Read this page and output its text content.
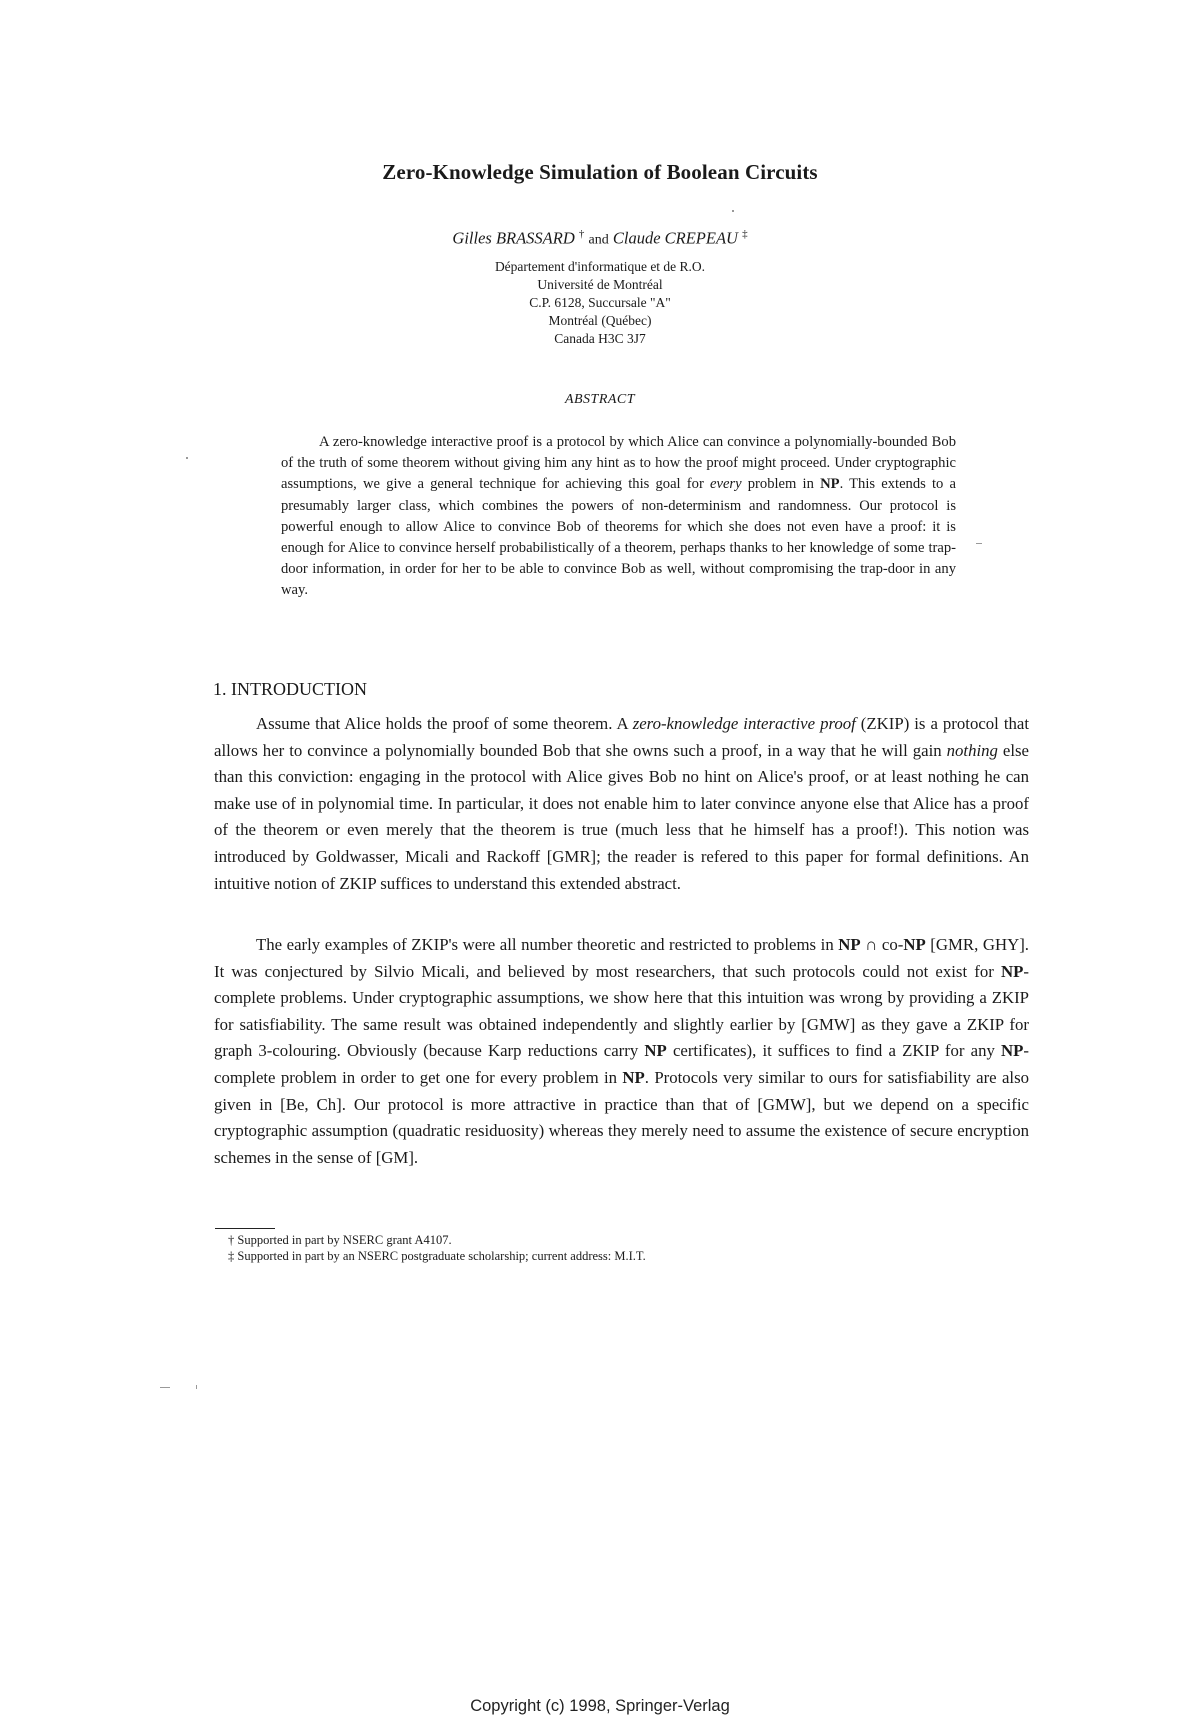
Zero-Knowledge Simulation of Boolean Circuits
Gilles BRASSARD † and Claude CREPEAU ‡
Département d'informatique et de R.O.
Université de Montréal
C.P. 6128, Succursale "A"
Montréal (Québec)
Canada H3C 3J7
ABSTRACT
A zero-knowledge interactive proof is a protocol by which Alice can convince a polynomially-bounded Bob of the truth of some theorem without giving him any hint as to how the proof might proceed. Under cryptographic assumptions, we give a general technique for achieving this goal for every problem in NP. This extends to a presumably larger class, which combines the powers of non-determinism and randomness. Our protocol is powerful enough to allow Alice to convince Bob of theorems for which she does not even have a proof: it is enough for Alice to convince herself probabilistically of a theorem, perhaps thanks to her knowledge of some trap-door information, in order for her to be able to convince Bob as well, without compromising the trap-door in any way.
1. INTRODUCTION
Assume that Alice holds the proof of some theorem. A zero-knowledge interactive proof (ZKIP) is a protocol that allows her to convince a polynomially bounded Bob that she owns such a proof, in a way that he will gain nothing else than this conviction: engaging in the protocol with Alice gives Bob no hint on Alice's proof, or at least nothing he can make use of in polynomial time. In particular, it does not enable him to later convince anyone else that Alice has a proof of the theorem or even merely that the theorem is true (much less that he himself has a proof!). This notion was introduced by Goldwasser, Micali and Rackoff [GMR]; the reader is refered to this paper for formal definitions. An intuitive notion of ZKIP suffices to understand this extended abstract.
The early examples of ZKIP's were all number theoretic and restricted to problems in NP ∩ co-NP [GMR, GHY]. It was conjectured by Silvio Micali, and believed by most researchers, that such protocols could not exist for NP-complete problems. Under cryptographic assumptions, we show here that this intuition was wrong by providing a ZKIP for satisfiability. The same result was obtained independently and slightly earlier by [GMW] as they gave a ZKIP for graph 3-colouring. Obviously (because Karp reductions carry NP certificates), it suffices to find a ZKIP for any NP-complete problem in order to get one for every problem in NP. Protocols very similar to ours for satisfiability are also given in [Be, Ch]. Our protocol is more attractive in practice than that of [GMW], but we depend on a specific cryptographic assumption (quadratic residuosity) whereas they merely need to assume the existence of secure encryption schemes in the sense of [GM].
† Supported in part by NSERC grant A4107.
‡ Supported in part by an NSERC postgraduate scholarship; current address: M.I.T.
Copyright (c) 1998, Springer-Verlag
